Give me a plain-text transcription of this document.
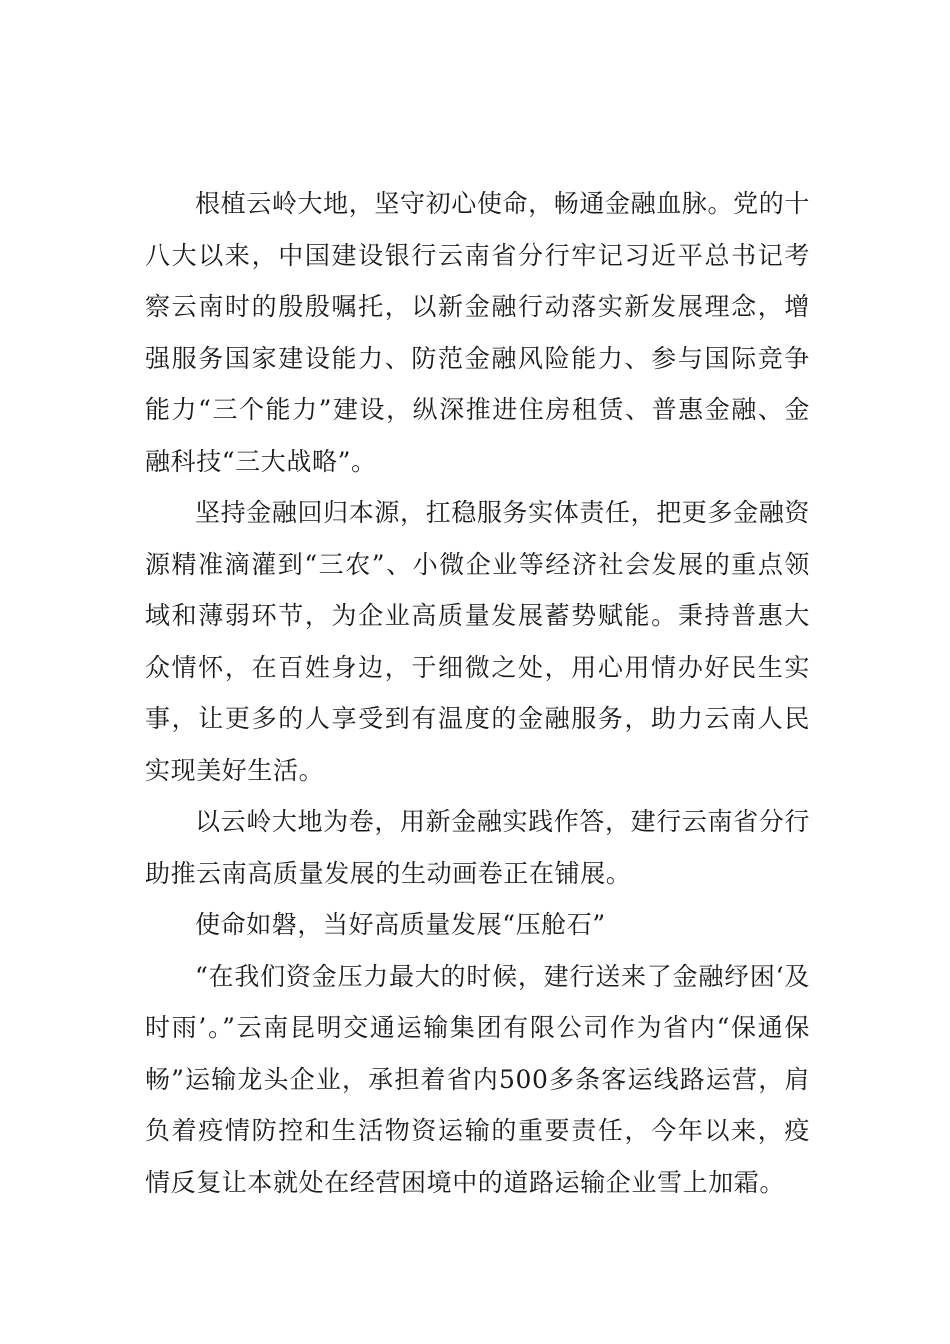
根植云岭大地，坚守初心使命，畅通金融血脉。党的十八大以来，中国建设银行云南省分行牢记习近平总书记考察云南时的殷殷嘱托，以新金融行动落实新发展理念，增强服务国家建设能力、防范金融风险能力、参与国际竞争能力“三个能力”建设，纵深推进住房租赁、普惠金融、金融科技“三大战略”。

坚持金融回归本源，扛稳服务实体责任，把更多金融资源精准滴灌到“三农”、小微企业等经济社会发展的重点领域和薄弱环节，为企业高质量发展蓄势赋能。秉持普惠大众情怀，在百姓身边，于细微之处，用心用情办好民生实事，让更多的人享受到有温度的金融服务，助力云南人民实现美好生活。

以云岭大地为卷，用新金融实践作答，建行云南省分行助推云南高质量发展的生动画卷正在铺展。

使命如磐，当好高质量发展“压舱石”

“在我们资金压力最大的时候，建行送来了金融纾困‘及时雨’。”云南昆明交通运输集团有限公司作为省内“保通保畅”运输龙头企业，承担着省内500多条客运线路运营，肩负着疫情防控和生活物资运输的重要责任，今年以来，疫情反复让本就处在经营困境中的道路运输企业雪上加霜。
